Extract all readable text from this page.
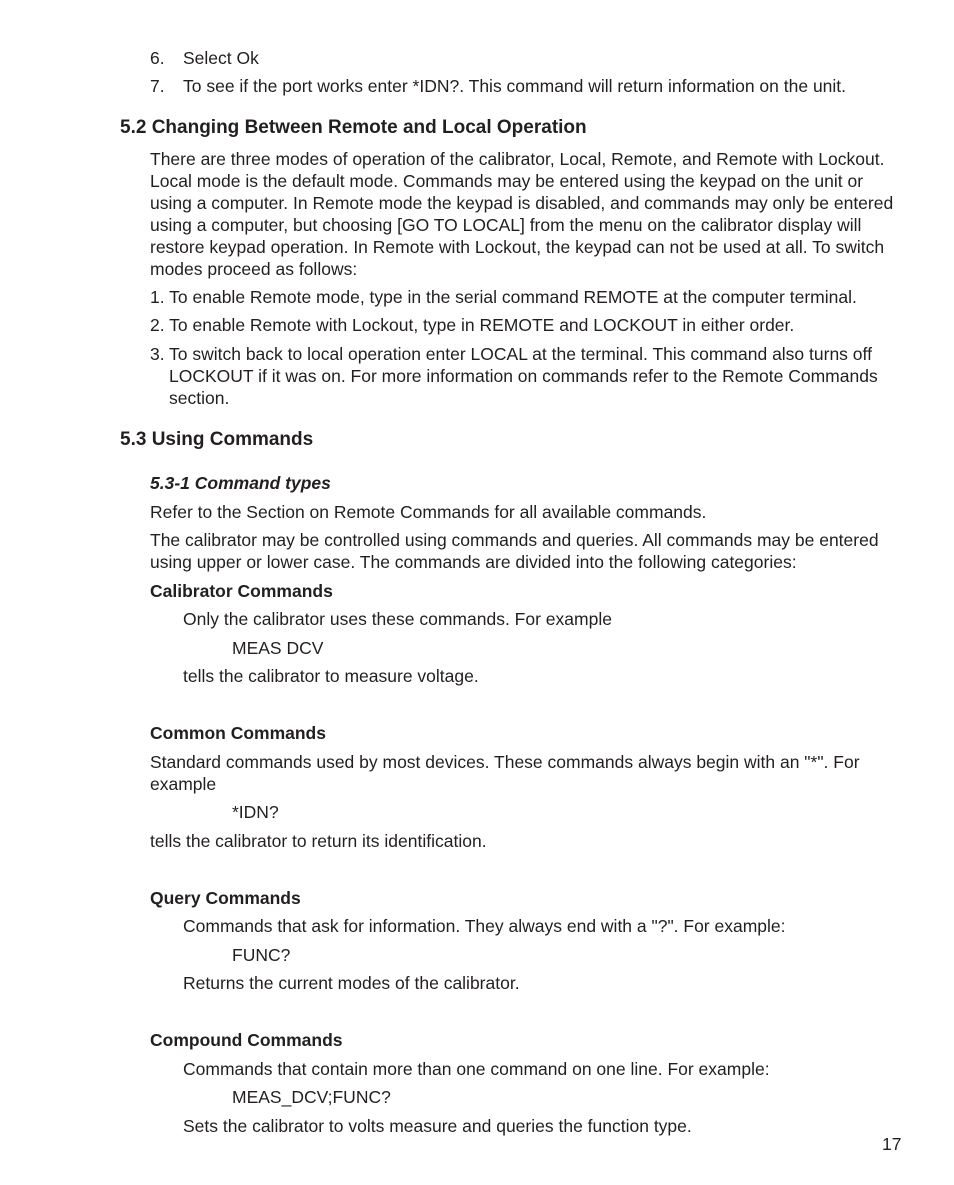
6. Select Ok
7. To see if the port works enter *IDN?. This command will return information on the unit.
5.2 Changing Between Remote and Local Operation

There are three modes of operation of the calibrator, Local, Remote, and Remote with Lockout. Local mode is the default mode. Commands may be entered using the keypad on the unit or using a computer. In Remote mode the keypad is disabled, and commands may only be entered using a computer, but choosing [GO TO LOCAL] from the menu on the calibrator display will restore keypad operation. In Remote with Lockout, the keypad can not be used at all. To switch modes proceed as follows:

1. To enable Remote mode, type in the serial command REMOTE at the computer terminal.
2. To enable Remote with Lockout, type in REMOTE and LOCKOUT in either order.
3. To switch back to local operation enter LOCAL at the terminal. This command also turns off LOCKOUT if it was on. For more information on commands refer to the Remote Commands section.
5.3 Using Commands
5.3-1 Command types

Refer to the Section on Remote Commands for all available commands.

The calibrator may be controlled using commands and queries. All commands may be entered using upper or lower case. The commands are divided into the following categories:

Calibrator Commands

Only the calibrator uses these commands. For example

MEAS DCV

tells the calibrator to measure voltage.

Common Commands

Standard commands used by most devices. These commands always begin with an "*". For example

*IDN?

tells the calibrator to return its identification.

Query Commands

Commands that ask for information. They always end with a "?". For example:

FUNC?

Returns the current modes of the calibrator.

Compound Commands

Commands that contain more than one command on one line. For example:

MEAS_DCV;FUNC?

Sets the calibrator to volts measure and queries the function type.

17
